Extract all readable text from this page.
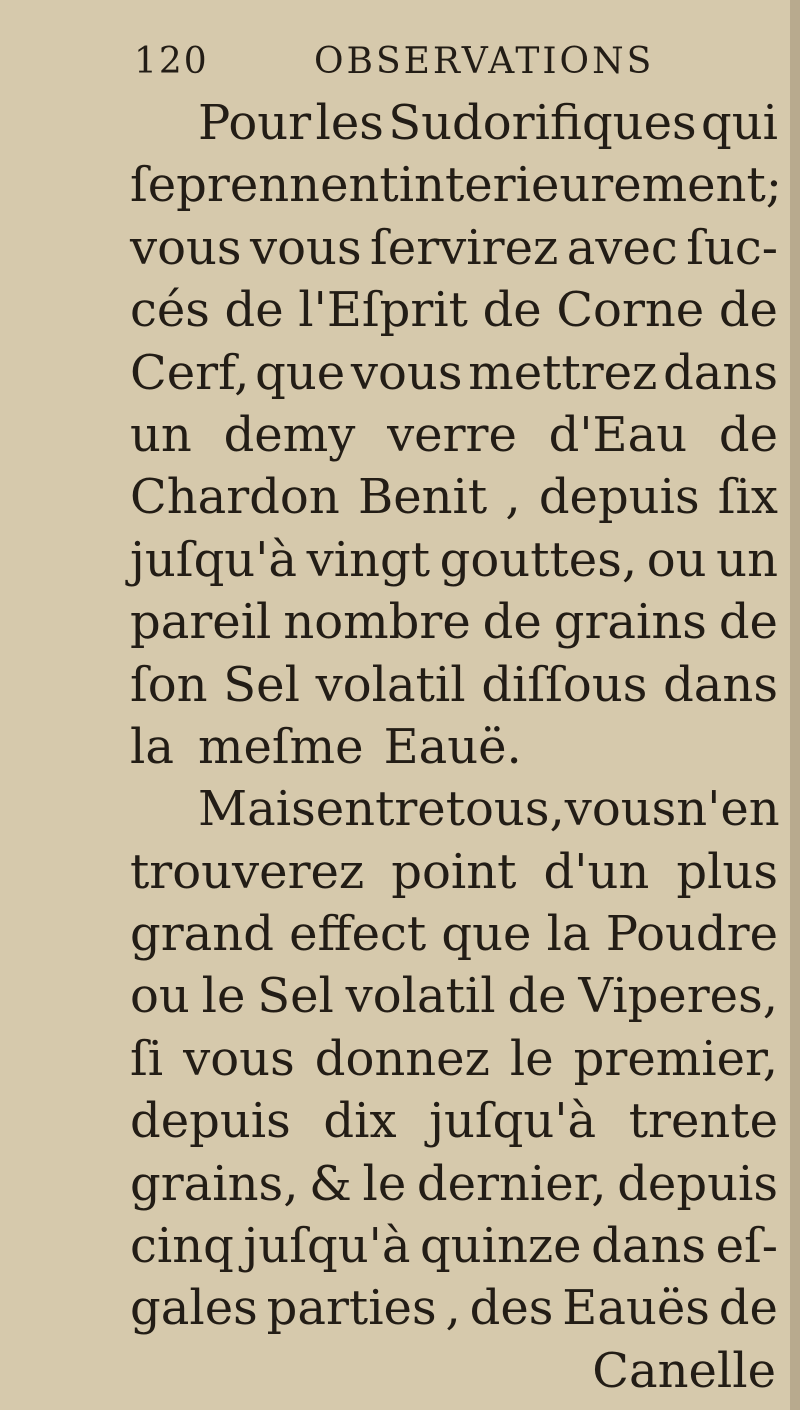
120	OBSERVATIONS
Pour les Sudorifiques qui
ſe prennent interieurement;
vous vous ſervirez avec ſuc-
cés de l'Eſprit de Corne de
Cerf, que vous mettrez dans
un demy verre d'Eau de
Chardon Benit , depuis ſix
juſqu'à vingt gouttes, ou un
pareil nombre de grains de
ſon Sel volatil diſſous dans
la meſme Eauë.
Mais entre tous, vous n'en
trouverez point d'un plus
grand effect que la Poudre
ou le Sel volatil de Viperes,
ſi vous donnez le premier,
depuis dix juſqu'à trente
grains, & le dernier, depuis
cinq juſqu'à quinze dans eſ-
gales parties , des Eauës de
Canelle
